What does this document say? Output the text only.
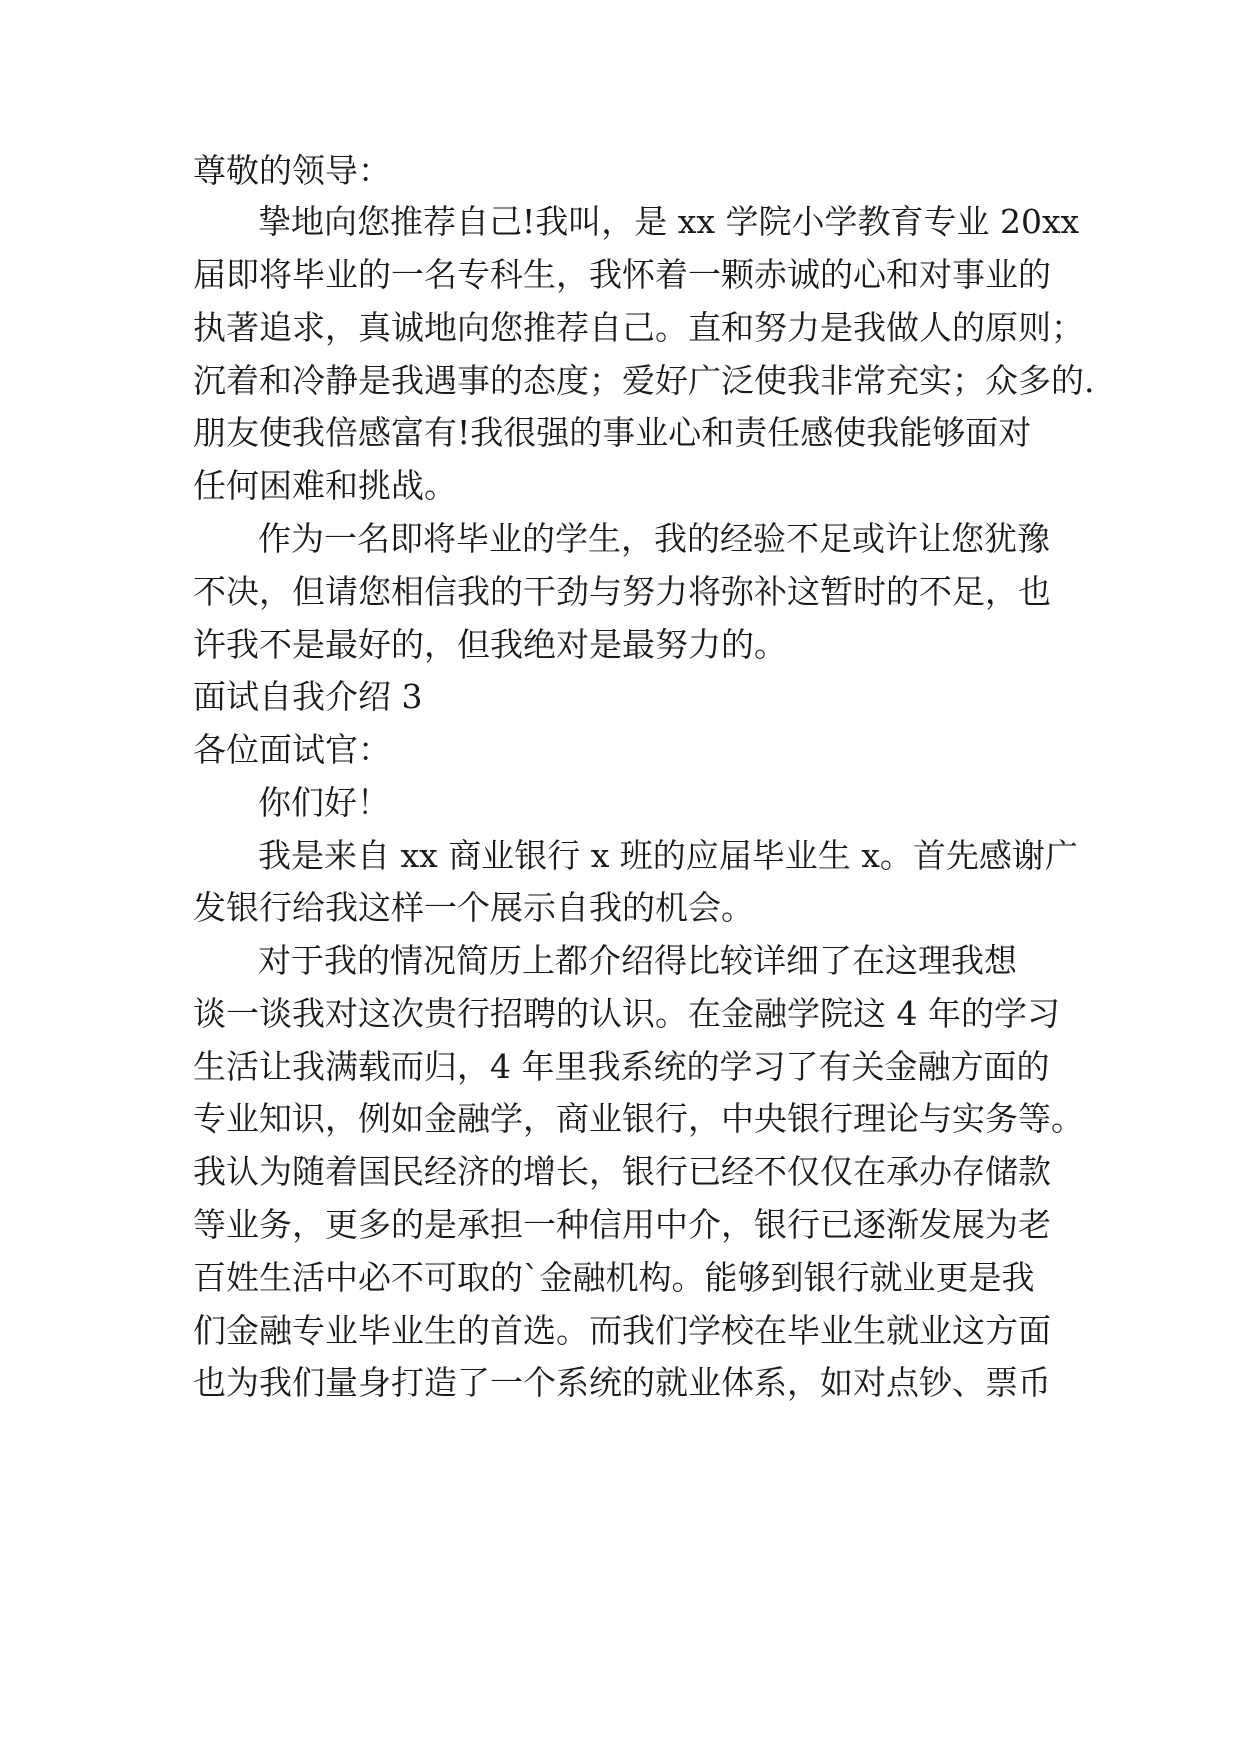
尊敬的领导：

挚地向您推荐自己!我叫，是 xx 学院小学教育专业 20xx

届即将毕业的一名专科生，我怀着一颗赤诚的心和对事业的

执著追求，真诚地向您推荐自己。直和努力是我做人的原则；

沉着和冷静是我遇事的态度；爱好广泛使我非常充实；众多的.

朋友使我倍感富有!我很强的事业心和责任感使我能够面对

任何困难和挑战。

作为一名即将毕业的学生，我的经验不足或许让您犹豫

不决，但请您相信我的干劲与努力将弥补这暂时的不足，也

许我不是最好的，但我绝对是最努力的。

面试自我介绍 3

各位面试官：

你们好！

我是来自 xx 商业银行 x 班的应届毕业生 x。首先感谢广

发银行给我这样一个展示自我的机会。

对于我的情况简历上都介绍得比较详细了在这理我想

谈一谈我对这次贵行招聘的认识。在金融学院这 4 年的学习

生活让我满载而归，4 年里我系统的学习了有关金融方面的

专业知识，例如金融学，商业银行，中央银行理论与实务等。

我认为随着国民经济的增长，银行已经不仅仅在承办存储款

等业务，更多的是承担一种信用中介，银行已逐渐发展为老

百姓生活中必不可取的`金融机构。能够到银行就业更是我

们金融专业毕业生的首选。而我们学校在毕业生就业这方面

也为我们量身打造了一个系统的就业体系，如对点钞、票币
